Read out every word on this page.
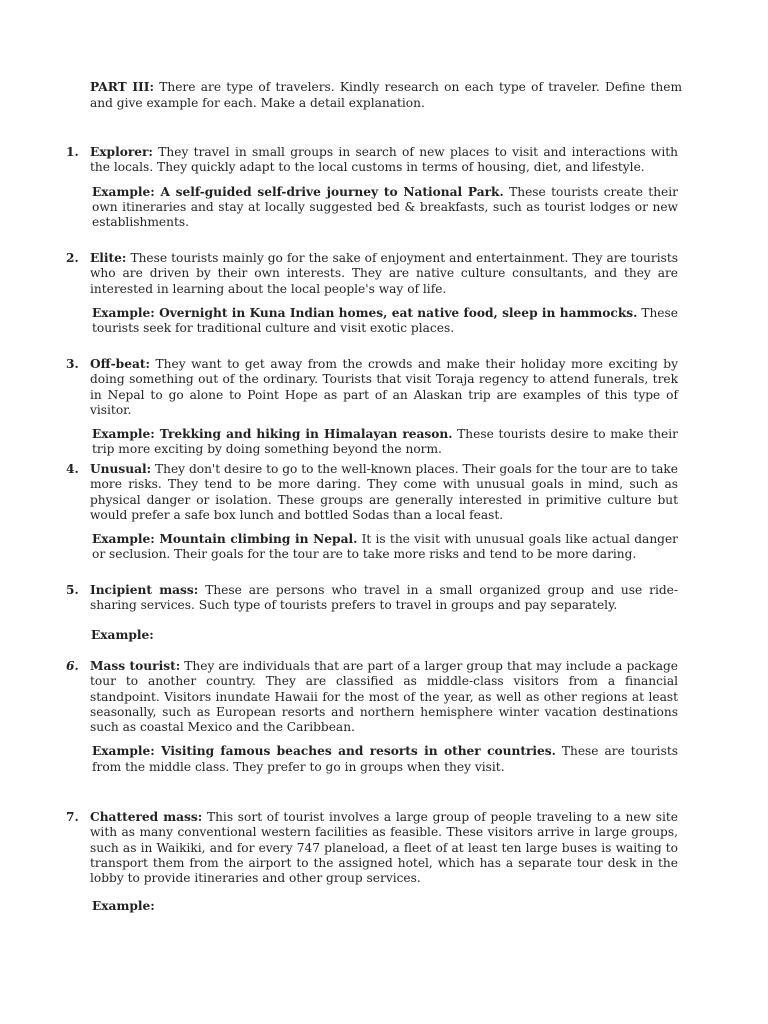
PART III: There are type of travelers. Kindly research on each type of traveler. Define them and give example for each. Make a detail explanation.

1. Explorer: They travel in small groups in search of new places to visit and interactions with the locals. They quickly adapt to the local customs in terms of housing, diet, and lifestyle.
Example: A self-guided self-drive journey to National Park. These tourists create their own itineraries and stay at locally suggested bed & breakfasts, such as tourist lodges or new establishments.
2. Elite: These tourists mainly go for the sake of enjoyment and entertainment. They are tourists who are driven by their own interests. They are native culture consultants, and they are interested in learning about the local people's way of life.
Example: Overnight in Kuna Indian homes, eat native food, sleep in hammocks. These tourists seek for traditional culture and visit exotic places.
3. Off-beat: They want to get away from the crowds and make their holiday more exciting by doing something out of the ordinary. Tourists that visit Toraja regency to attend funerals, trek in Nepal to go alone to Point Hope as part of an Alaskan trip are examples of this type of visitor.
Example: Trekking and hiking in Himalayan reason. These tourists desire to make their trip more exciting by doing something beyond the norm.
4. Unusual: They don't desire to go to the well-known places. Their goals for the tour are to take more risks. They tend to be more daring. They come with unusual goals in mind, such as physical danger or isolation. These groups are generally interested in primitive culture but would prefer a safe box lunch and bottled Sodas than a local feast.
Example: Mountain climbing in Nepal. It is the visit with unusual goals like actual danger or seclusion. Their goals for the tour are to take more risks and tend to be more daring.
5. Incipient mass: These are persons who travel in a small organized group and use ride-sharing services. Such type of tourists prefers to travel in groups and pay separately.
Example:
6. Mass tourist: They are individuals that are part of a larger group that may include a package tour to another country. They are classified as middle-class visitors from a financial standpoint. Visitors inundate Hawaii for the most of the year, as well as other regions at least seasonally, such as European resorts and northern hemisphere winter vacation destinations such as coastal Mexico and the Caribbean.
Example: Visiting famous beaches and resorts in other countries. These are tourists from the middle class. They prefer to go in groups when they visit.
7. Chattered mass: This sort of tourist involves a large group of people traveling to a new site with as many conventional western facilities as feasible. These visitors arrive in large groups, such as in Waikiki, and for every 747 planeload, a fleet of at least ten large buses is waiting to transport them from the airport to the assigned hotel, which has a separate tour desk in the lobby to provide itineraries and other group services.
Example:
